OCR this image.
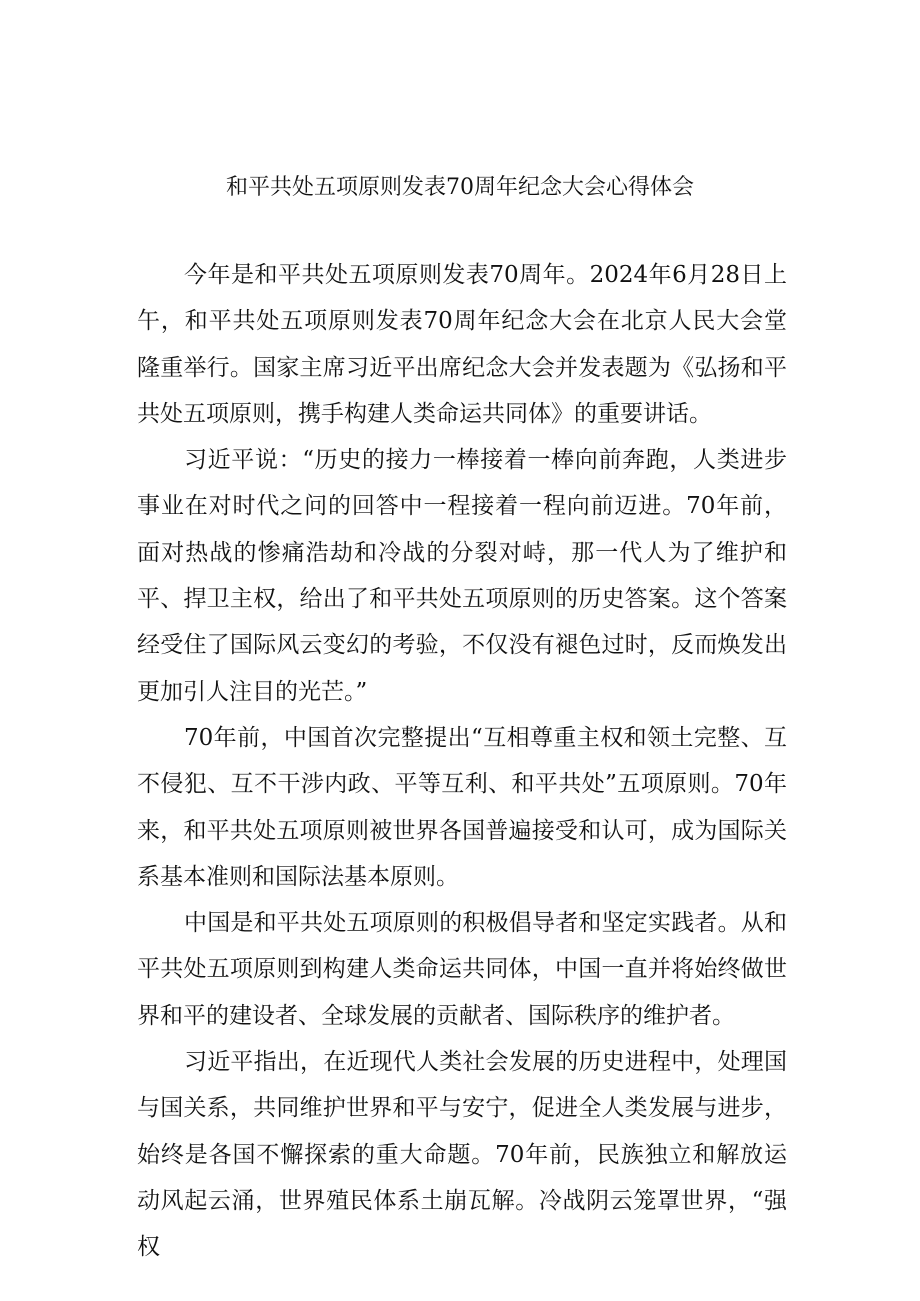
和平共处五项原则发表70周年纪念大会心得体会

今年是和平共处五项原则发表70周年。2024年6月28日上午，和平共处五项原则发表70周年纪念大会在北京人民大会堂隆重举行。国家主席习近平出席纪念大会并发表题为《弘扬和平共处五项原则，携手构建人类命运共同体》的重要讲话。

习近平说：“历史的接力一棒接着一棒向前奔跑，人类进步事业在对时代之问的回答中一程接着一程向前迈进。70年前，面对热战的惨痛浩劫和冷战的分裂对峙，那一代人为了维护和平、捍卫主权，给出了和平共处五项原则的历史答案。这个答案经受住了国际风云变幻的考验，不仅没有褪色过时，反而焕发出更加引人注目的光芒。”

70年前，中国首次完整提出“互相尊重主权和领土完整、互不侵犯、互不干涉内政、平等互利、和平共处”五项原则。70年来，和平共处五项原则被世界各国普遍接受和认可，成为国际关系基本准则和国际法基本原则。

中国是和平共处五项原则的积极倡导者和坚定实践者。从和平共处五项原则到构建人类命运共同体，中国一直并将始终做世界和平的建设者、全球发展的贡献者、国际秩序的维护者。

习近平指出，在近现代人类社会发展的历史进程中，处理国与国关系，共同维护世界和平与安宁，促进全人类发展与进步，始终是各国不懈探索的重大命题。70年前，民族独立和解放运动风起云涌，世界殖民体系土崩瓦解。冷战阴云笼罩世界，“强权
